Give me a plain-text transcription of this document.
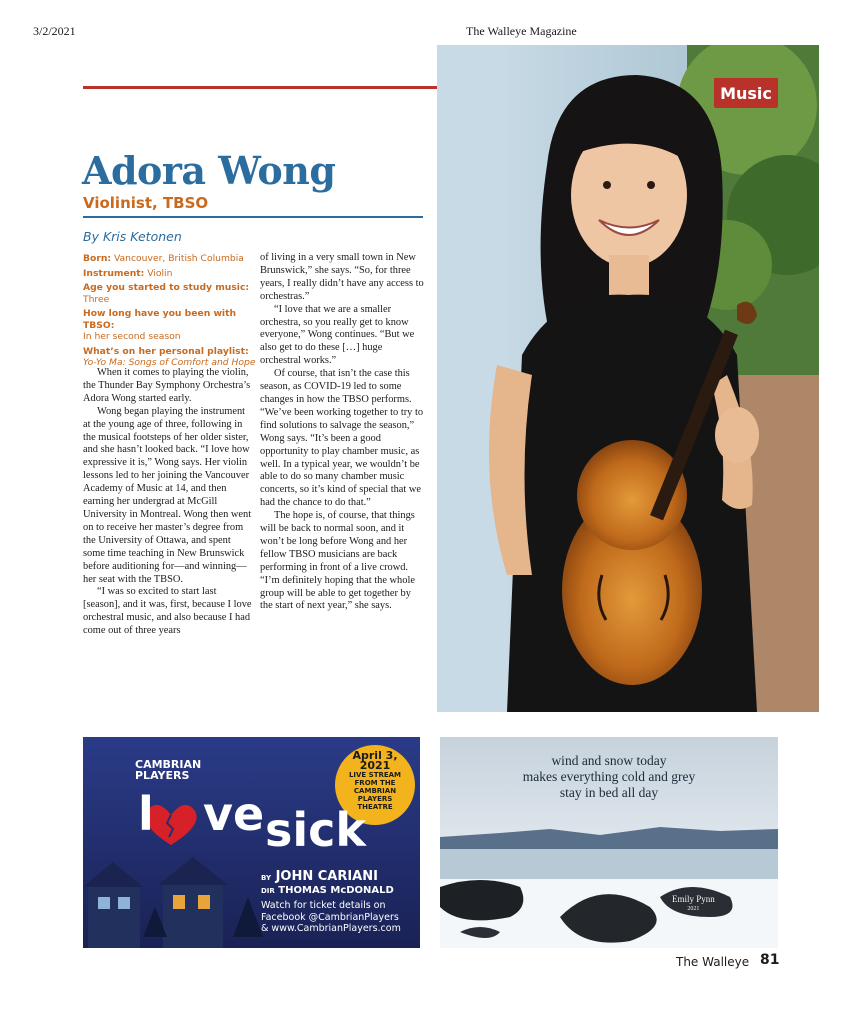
3/2/2021	The Walleye Magazine
Music
Adora Wong
Violinist, TBSO
By Kris Ketonen
Born: Vancouver, British Columbia
Instrument: Violin
Age you started to study music:
Three
How long have you been with TBSO:
In her second season
What’s on her personal playlist:
Yo-Yo Ma: Songs of Comfort and Hope

When it comes to playing the violin, the Thunder Bay Symphony Orchestra’s Adora Wong started early.

Wong began playing the instrument at the young age of three, following in the musical footsteps of her older sister, and she hasn’t looked back. “I love how expressive it is,” Wong says. Her violin lessons led to her joining the Vancouver Academy of Music at 14, and then earning her undergrad at McGill University in Montreal. Wong then went on to receive her master’s degree from the University of Ottawa, and spent some time teaching in New Brunswick before auditioning for—and winning—her seat with the TBSO.

“I was so excited to start last [season], and it was, first, because I love orchestral music, and also because I had come out of three years

of living in a very small town in New Brunswick,” she says. “So, for three years, I really didn’t have any access to orchestras.”

“I love that we are a smaller orchestra, so you really get to know everyone,” Wong continues. “But we also get to do these […] huge orchestral works.”

Of course, that isn’t the case this season, as COVID-19 led to some changes in how the TBSO performs. “We’ve been working together to try to find solutions to salvage the season,” Wong says. “It’s been a good opportunity to play chamber music, as well. In a typical year, we wouldn’t be able to do so many chamber music concerts, so it’s kind of special that we had the chance to do that.”

The hope is, of course, that things will be back to normal soon, and it won’t be long before Wong and her fellow TBSO musicians are back performing in front of a live crowd. “I’m definitely hoping that the whole group will be able to get together by the start of next year,” she says.

CAMBRIAN
PLAYERS
l ve sick
April 3, 2021
LIVE STREAM
FROM THE
CAMBRIAN PLAYERS
THEATRE
BY JOHN CARIANI
DIR THOMAS McDONALD
Watch for ticket details on
Facebook @CambrianPlayers
& www.CambrianPlayers.com
wind and snow today
makes everything cold and grey
stay in bed all day
Emily Pynn
2021
The Walleye 81
